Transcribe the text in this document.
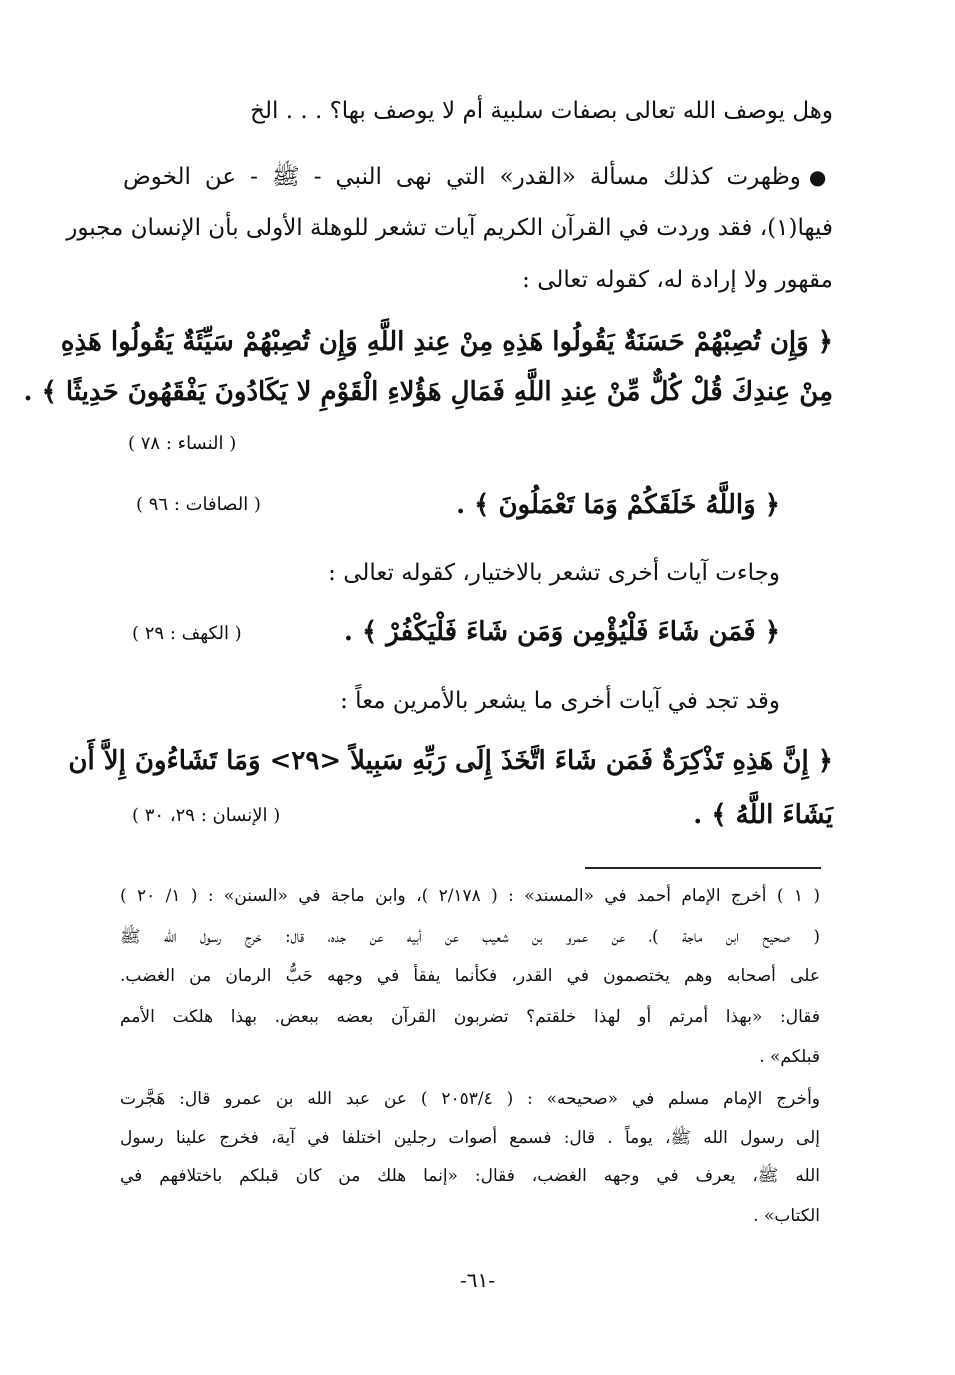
وهل يوصف الله تعالى بصفات سلبية أم لا يوصف بها؟ . . . الخ
●وظهرت كذلك مسألة «القدر» التي نهى النبي - ﷺ - عن الخوض
فيها(١)، فقد وردت في القرآن الكريم آيات تشعر للوهلة الأولى بأن الإنسان مجبور
مقهور ولا إرادة له، كقوله تعالى :
﴿ وَإِن تُصِبْهُمْ حَسَنَةٌ يَقُولُوا هَذِهِ مِنْ عِندِ اللَّهِ وَإِن تُصِبْهُمْ سَيِّئَةٌ يَقُولُوا هَذِهِ
مِنْ عِندِكَ قُلْ كُلٌّ مِّنْ عِندِ اللَّهِ فَمَالِ هَؤُلاءِ الْقَوْمِ لا يَكَادُونَ يَفْقَهُونَ حَدِيثًا ﴾ .
( النساء : ٧٨ )
﴿ وَاللَّهُ خَلَقَكُمْ وَمَا تَعْمَلُونَ ﴾ .
( الصافات : ٩٦ )
وجاءت آيات أخرى تشعر بالاختيار، كقوله تعالى :
﴿ فَمَن شَاءَ فَلْيُؤْمِن وَمَن شَاءَ فَلْيَكْفُرْ ﴾ .
( الكهف : ٢٩ )
وقد تجد في آيات أخرى ما يشعر بالأمرين معاً :
﴿ إِنَّ هَذِهِ تَذْكِرَةٌ فَمَن شَاءَ اتَّخَذَ إِلَى رَبِّهِ سَبِيلاً <٢٩> وَمَا تَشَاءُونَ إِلاَّ أَن
يَشَاءَ اللَّهُ ﴾ .
( الإنسان : ٢٩، ٣٠ )
( ١ ) أخرج الإمام أحمد في «المسند» : ( ٢/١٧٨ )، وابن ماجة في «السنن» : ( ١/ ٢٠ )
( صحيح ابن ماجة )، عن عمرو بن شعيب عن أبيه عن جده، قال: خرج رسول الله ﷺ
على أصحابه وهم يختصمون في القدر، فكأنما يفقأ في وجهه حَبُّ الرمان من الغضب.
فقال: «بهذا أمرتم أو لهذا خلقتم؟ تضربون القرآن بعضه ببعض. بهذا هلكت الأمم
قبلكم» .
وأخرج الإمام مسلم في «صحيحه» : ( ٢٠٥٣/٤ ) عن عبد الله بن عمرو قال: هَجَّرت
إلى رسول الله ﷺ، يوماً . قال: فسمع أصوات رجلين اختلفا في آية، فخرج علينا رسول
الله ﷺ، يعرف في وجهه الغضب، فقال: «إنما هلك من كان قبلكم باختلافهم في
الكتاب» .
-٦١-
